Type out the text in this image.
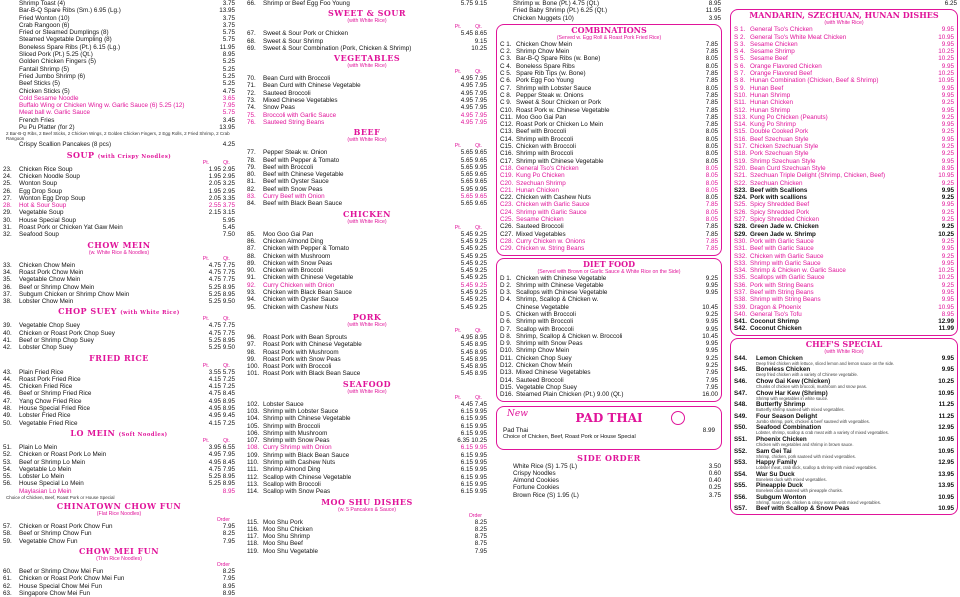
Shrimp Toast (4)	3.75
Bar-B-Q Spare Ribs (Sm.) 6.95 (Lg.)	13.95
Fried Wonton (10)	3.75
Crab Rangoon (6)	3.75
Fried or Steamed Dumplings (8)	5.75
Steamed Vegetable Dumpling (8)	5.75
Boneless Spare Ribs (Pt.) 6.15 (Lg.)	11.95
Sliced Pork (Pt.) 5.25 (Qt.)	8.95
Golden Chicken Fingers (5)	5.25
Fantail Shrimp (5)	5.25
Fried Jumbo Shrimp (6)	5.25
Beef Sticks (5)	5.25
Chicken Sticks (5)	4.75
Cold Sesame Noodle	3.65
Buffalo Wing or Chicken Wing w. Garlic Sauce (6) 5.25 (12)	7.95
Meat ball w. Garlic Sauce	5.75
French Fries	3.45
Pu Pu Platter (for 2)	13.95
2 Bar-B-Q Ribs, 2 Beef Sticks, 2 Chicken Wings, 2 Golden Chicken Fingers, 2 Egg Rolls, 2 Fried Shrimp, 2 Crab Rangoon
Crispy Scallion Pancakes (8 pcs)	4.25
SOUP (with Crispy Noodles)
Pt.	Qt.
23.	Chicken Rice Soup	1.95 2.95
24.	Chicken Noodle Soup	1.95 2.95
25.	Wonton Soup	2.05 3.25
26.	Egg Drop Soup	1.95 2.95
27.	Wonton Egg Drop Soup	2.05 3.35
28.	Hot & Sour Soup	2.55 3.75
29.	Vegetable Soup	2.15 3.15
30.	House Special Soup	5.95
31.	Roast Pork or Chicken Yat Gaw Mein	5.45
32.	Seafood Soup	7.50
CHOW MEIN
(w. White Rice & Noodles)
Pt.	Qt.
33.	Chicken Chow Mein	4.75 7.75
34.	Roast Pork Chow Mein	4.75 7.75
35.	Vegetable Chow Mein	4.75 7.75
36.	Beef or Shrimp Chow Mein	5.25 8.95
37.	Subgum Chicken or Shrimp Chow Mein	5.25 8.95
38.	Lobster Chow Mein	5.25 9.50
CHOP SUEY (with White Rice)
Pt.	Qt.
39.	Vegetable Chop Suey	4.75 7.75
40.	Chicken or Roast Pork Chop Suey	4.75 7.75
41.	Beef or Shrimp Chop Suey	5.25 8.95
42.	Lobster Chop Suey	5.25 9.50
FRIED RICE
Pt.	Qt.
43.	Plain Fried Rice	3.55 5.75
44.	Roast Pork Fried Rice	4.15 7.25
45.	Chicken Fried Rice	4.15 7.25
46.	Beef or Shrimp Fried Rice	4.75 8.45
47.	Yang Chow Fried Rice	4.95 8.95
48.	House Special Fried Rice	4.95 8.95
49.	Lobster Fried Rice	4.95 9.45
50.	Vegetable Fried Rice	4.15 7.25
LO MEIN (Soft Noodles)
Pt.	Qt.
51.	Plain Lo Mein	3.95 6.55
52.	Chicken or Roast Pork Lo Mein	4.95 7.95
53.	Beef or Shrimp Lo Mein	4.95 8.45
54.	Vegetable Lo Mein	4.75 7.95
55.	Lobster Lo Mein	5.25 8.95
56.	House Special Lo Mein	5.25 8.95
Maylasian Lo Mein	8.95
Choice of Chicken, Beef, Roast Pork or House Special
CHINATOWN CHOW FUN
(Flat Rice Noodles)
Order
57.	Chicken or Roast Pork Chow Fun	7.95
58.	Beef or Shrimp Chow Fun	8.25
59.	Vegetable Chow Fun	7.95
CHOW MEI FUN
(Thin Rice Noodles)
Order
60.	Beef or Shrimp Chow Mei Fun	8.25
61.	Chicken or Roast Pork Chow Mei Fun	7.95
62.	House Special Chow Mei Fun	8.95
63.	Singapore Chow Mei Fun	8.95
66.	Shrimp or Beef Egg Foo Young	5.75 9.15
SWEET & SOUR
(with White Rice)
Pt.	Qt.
67.	Sweet & Sour Pork or Chicken	5.45 8.65
68.	Sweet & Sour Shrimp	9.15
69.	Sweet & Sour Combination (Pork, Chicken & Shrimp)	10.25
VEGETABLES
(with White Rice)
Pt.	Qt.
70.	Bean Curd with Broccoli	4.95 7.95
71.	Bean Curd with Chinese Vegetable	4.95 7.95
72.	Sauteed Broccoli	4.95 7.95
73.	Mixed Chinese Vegetables	4.95 7.95
74.	Snow Peas	4.95 7.95
75.	Broccoli with Garlic Sauce	4.95 7.95
76.	Sauteed String Beans	4.95 7.95
BEEF
(with White Rice)
Pt.	Qt.
77.	Pepper Steak w. Onion	5.65 9.65
78.	Beef with Pepper & Tomato	5.65 9.65
79.	Beef with Broccoli	5.65 9.95
80.	Beef with Chinese Vegetable	5.65 9.65
81.	Beef with Oyster Sauce	5.65 9.65
82.	Beef with Snow Peas	5.95 9.95
83.	Curry Beef with Onion	5.65 9.65
84.	Beef with Black Bean Sauce	5.65 9.65
CHICKEN
(with White Rice)
Pt.	Qt.
85.	Moo Goo Gai Pan	5.45 9.25
86.	Chicken Almond Ding	5.45 9.25
87.	Chicken with Pepper & Tomato	5.45 9.25
88.	Chicken with Mushroom	5.45 9.25
89.	Chicken with Snow Peas	5.45 9.25
90.	Chicken with Broccoli	5.45 9.25
91.	Chicken with Chinese Vegetable	5.45 9.25
92.	Curry Chicken with Onion	5.45 9.25
93.	Chicken with Black Bean Sauce	5.45 9.25
94.	Chicken with Oyster Sauce	5.45 9.25
95.	Chicken with Cashew Nuts	5.45 9.25
PORK
(with White Rice)
Pt.	Qt.
96.	Roast Pork with Bean Sprouts	4.95 8.95
97.	Roast Pork with Chinese Vegetable	5.45 8.95
98.	Roast Pork with Mushroom	5.45 8.95
99.	Roast Pork with Snow Peas	5.45 8.95
100. Roast Pork with Broccoli	5.45 8.95
101. Roast Pork with Black Bean Sauce	5.45 8.95
SEAFOOD
(with White Rice)
Pt.	Qt.
102. Lobster Sauce	4.45 7.45
103. Shrimp with Lobster Sauce	6.15 9.95
104. Shrimp with Chinese Vegetable	6.15 9.95
105. Shrimp with Broccoli	6.15 9.95
106. Shrimp with Mushroom	6.15 9.95
107. Shrimp with Snow Peas	6.35 10.25
108. Curry Shrimp with Onion	6.15 9.95
109. Shrimp with Black Bean Sauce	6.15 9.95
110. Shrimp with Cashew Nuts	6.15 9.95
111. Shrimp Almond Ding	6.15 9.95
112. Scallop with Chinese Vegetable	6.15 9.95
113. Scallop with Broccoli	6.15 9.95
114. Scallop with Snow Peas	6.15 9.95
MOO SHU DISHES
(w. 5 Pancakes & Sauce)
Order
115. Moo Shu Pork	8.25
116. Moo Shu Chicken	8.25
117. Moo Shu Shrimp	8.75
118. Moo Shu Beef	8.75
119. Moo Shu Vegetable	7.95
Shrimp w. Bone (Pt.) 4.75 (Qt.)	8.95
Fried Baby Shrimp (Pt.) 6.25 (Qt.)	11.95
Chicken Nuggets (10)	3.95
COMBINATIONS
(Served w. Egg Roll & Roast Pork Fried Rice)
C 1. Chicken Chow Mein	7.85
C 2. Shrimp Chow Mein	7.85
C 3. Bar-B-Q Spare Ribs (w. Bone)	8.05
C 4. Boneless Spare Ribs	8.05
C 5. Spare Rib Tips (w. Bone)	7.85
C 6. Pork Egg Foo Young	7.85
C 7. Shrimp with Lobster Sauce	8.05
C 8. Pepper Steak w. Onions	7.85
C 9. Sweet & Sour Chicken or Pork	7.85
C10. Roast Pork w. Chinese Vegetable	7.85
C11. Moo Goo Gai Pan	7.85
C12. Roast Pork or Chicken Lo Mein	7.85
C13. Beef with Broccoli	8.05
C14. Shrimp with Broccoli	8.05
C15. Chicken with Broccoli	8.05
C16. Shrimp with Broccoli	8.05
C17. Shrimp with Chinese Vegetable	8.05
C18. General Tso's Chicken	8.05
C19. Kung Po Chicken	8.05
C20. Szechuan Shrimp	8.05
C21. Hunan Chicken	8.05
C22. Chicken with Cashew Nuts	8.05
C23. Chicken with Garlic Sauce	7.85
C24. Shrimp with Garlic Sauce	8.05
C25. Sesame Chicken	8.05
C26. Sauteed Broccoli	7.85
C27. Mixed Vegetables	7.85
C28. Curry Chicken w. Onions	7.85
C29. Chicken w. String Beans	7.85
DIET FOOD
(Served with Brown or Garlic Sauce & White Rice on the Side)
D 1. Chicken with Chinese Vegetable	9.25
D 2. Shrimp with Chinese Vegetable	9.95
D 3. Scallops with Chinese Vegetable	9.95
D 4. Shrimp, Scallop & Chicken w.
Chinese Vegetable	10.45
D 5. Chicken with Broccoli	9.25
D 6. Shrimp with Broccoli	9.95
D 7. Scallop with Broccoli	9.95
D 8. Shrimp, Scallop & Chicken w. Broccoli	10.45
D 9. Shrimp with Snow Peas	9.95
D10. Shrimp Chow Mein	9.95
D11. Chicken Chop Suey	9.25
D12. Chicken Chow Mein	9.25
D13. Mixed Chinese Vegetables	7.95
D14. Sauteed Broccoli	7.95
D15. Vegetable Chop Suey	7.95
D16. Steamed Plain Chicken (Pt.) 9.00 (Qt.)	16.00
New	PAD THAI
Pad Thai	8.99
Choice of Chicken, Beef, Roast Pork or House Special
SIDE ORDER
White Rice (S) 1.75 (L)	3.50
Crispy Noodles	0.60
Almond Cookies	0.40
Fortune Cookies	0.25
Brown Rice (S) 1.95 (L)	3.75
6.25
MANDARIN, SZECHUAN, HUNAN DISHES
(with White Rice)
S 1. General Tso's Chicken	9.95
S 2. General Tso's White Meat Chicken	10.95
S 3. Sesame Chicken	9.95
S 4. Sesame Shrimp	10.25
S 5. Sesame Beef	10.25
S 6. Orange Flavored Chicken	9.95
S 7. Orange Flavored Beef	10.25
S 8. Hunan Combination (Chicken, Beef & Shrimp)	10.95
S 9. Hunan Beef	9.95
S10. Hunan Shrimp	9.95
S11. Hunan Chicken	9.25
S12. Hunan Shrimp	9.95
S13. Kung Po Chicken (Peanuts)	9.25
S14. Kung Po Shrimp	9.95
S15. Double Cooked Pork	9.25
S16. Beef Szechuan Style	9.95
S17. Chicken Szechuan Style	9.25
S18. Pork Szechuan Style	9.25
S19. Shrimp Szechuan Style	9.95
S20. Bean Curd Szechuan Style	8.95
S21. Szechuan Triple Delight (Shrimp, Chicken, Beef)	10.95
S22. Szechuan Chicken	9.25
S23. Beef with Scallions	9.95
S24. Pork with scallions	9.25
S25. Spicy Shredded Beef	9.95
S26. Spicy Shredded Pork	9.25
S27. Spicy Shredded Chicken	9.25
S28. Green Jade w. Chicken	9.25
S29. Green Jade w. Shrimp	10.25
S30. Pork with Garlic Sauce	9.25
S31. Beef with Garlic Sauce	9.95
S32. Chicken with Garlic Sauce	9.25
S33. Shrimp with Garlic Sauce	9.95
S34. Shrimp & Chicken w. Garlic Sauce	10.25
S35. Scallops with Garlic Sauce	10.25
S36. Pork with String Beans	9.25
S37. Beef with String Beans	9.95
S38. Shrimp with String Beans	9.95
S39. Dragon & Phoenix	10.95
S40. General Tso's Tofu	8.95
S41. Coconut Shrimp	12.99
S42. Coconut Chicken	11.99
CHEF'S SPECIAL
(with White Rice)
S44.	Lemon Chicken	9.95
Deep fried chicken with lettuce, sliced lemon and lemon sauce on the side.
S45.	Boneless Chicken	9.95
Deep fried chicken with a variety of Chinese vegetable.
S46.	Chow Gai Kew (Chicken)	10.25
Chunks of chicken with broccoli, mushroom and snow peas.
S47.	Chow Har Kew (Shrimp)	10.95
Shrimp with vegetables in white sauce.
S48.	Butterfly Shrimp	11.25
Butterfly shrimp sauteed with mixed vegetables.
S49.	Four Season Delight	11.25
Jumbo shrimp, pork, chicken & beef sauteed with vegetables.
S50.	Seafood Combination	12.95
Lobster, shrimp, scallop & crab meat with a variety of mixed vegetables.
S51.	Phoenix Chicken	10.95
Chicken with vegetables and shrimp in brown sauce.
S52.	Sam Gei Tai	10.95
Shrimp, chicken, pork sauteed with mixed vegetables.
S53.	Happy Family	12.95
Lobster meat, crab stick, scallop & shrimp with mixed vegetables.
S54.	War Su Duck	13.95
Boneless duck with mixed vegetables.
S55.	Pineapple Duck	13.95
Boneless duck sauteed with pineapple chunks.
S56.	Subgum Wonton	10.95
Shrimp, roast pork, chicken & crispy wonton with mixed vegetables.
S57.	Beef with Scallop & Snow Peas	10.95
